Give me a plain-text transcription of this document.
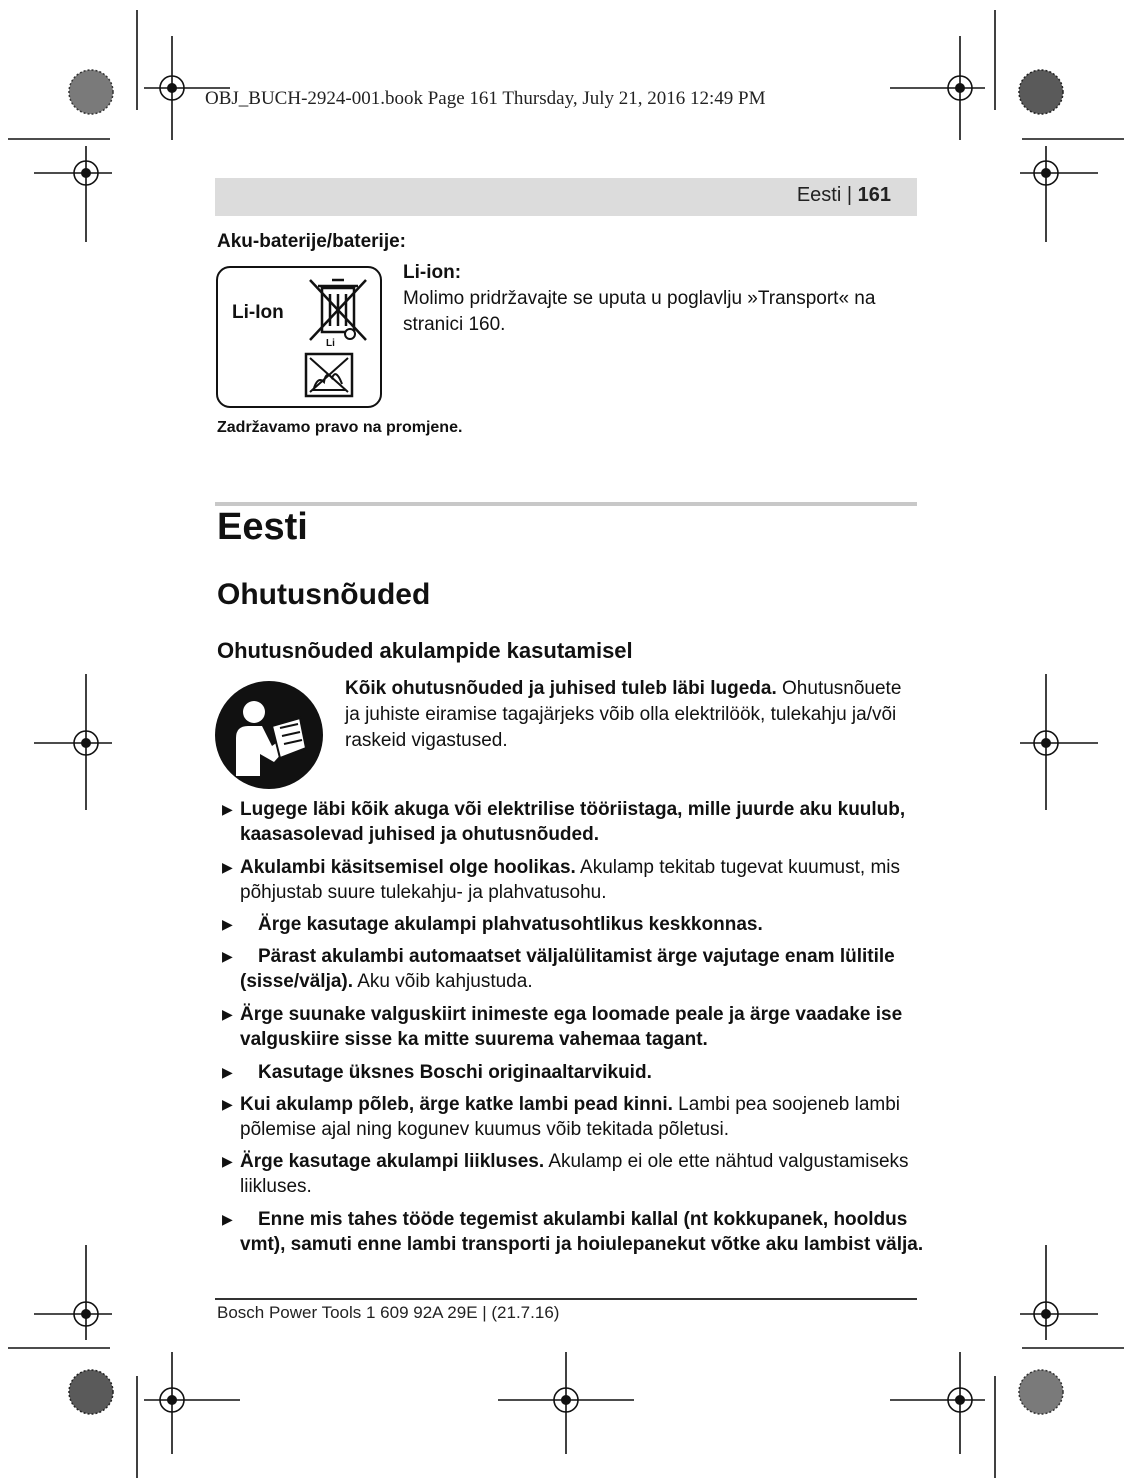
OBJ_BUCH-2924-001.book Page 161 Thursday, July 21, 2016 12:49 PM
Eesti | 161
Aku-baterije/baterije:
Li-Ion
Li
Li-ion:
Molimo pridržavajte se uputa u poglavlju »Transport« na stranici 160.
Zadržavamo pravo na promjene.
Eesti
Ohutusnõuded
Ohutusnõuded akulampide kasutamisel
Kõik ohutusnõuded ja juhised tuleb läbi lugeda. Ohutusnõuete ja juhiste eiramise tagajärjeks võib olla elektrilöök, tulekahju ja/või raskeid vigastused.
▶ Lugege läbi kõik akuga või elektrilise tööriistaga, mille juurde aku kuulub, kaasasolevad juhised ja ohutusnõuded.
▶ Akulambi käsitsemisel olge hoolikas. Akulamp tekitab tugevat kuumust, mis põhjustab suure tulekahju- ja plahvatusohu.
▶	Ärge kasutage akulampi plahvatusohtlikus keskkonnas.
▶	Pärast akulambi automaatset väljalülitamist ärge vajutage enam lülitile (sisse/välja). Aku võib kahjustuda.
▶ Ärge suunake valguskiirt inimeste ega loomade peale ja ärge vaadake ise valguskiire sisse ka mitte suurema vahemaa tagant.
▶	Kasutage üksnes Boschi originaaltarvikuid.
▶ Kui akulamp põleb, ärge katke lambi pead kinni. Lambi pea soojeneb lambi põlemise ajal ning kogunev kuumus võib tekitada põletusi.
▶ Ärge kasutage akulampi liikluses. Akulamp ei ole ette nähtud valgustamiseks liikluses.
▶	Enne mis tahes tööde tegemist akulambi kallal (nt kokkupanek, hooldus vmt), samuti enne lambi transporti ja hoiulepanekut võtke aku lambist välja.
Bosch Power Tools 1 609 92A 29E | (21.7.16)
